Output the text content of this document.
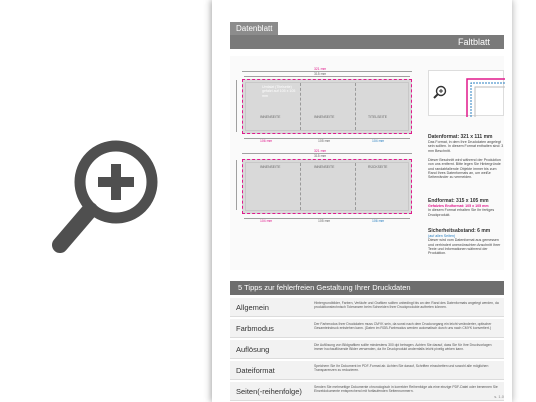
Datenblatt
Faltblatt
321 mm
315 mm
Umfalzt (Titelseite) gefalzt auf 105 x 105 mm
INNENSEITE	INNENSEITE	TITELSEITE
106 mm	105 mm	104 mm
321 mm
315 mm
INNENSEITE	INNENSEITE	RÜCKSEITE
104 mm	105 mm	106 mm
Datenformat: 321 x 111 mm
Das Format, in dem Ihre Druckdaten angelegt sein sollten. In diesem Format enthalten sind: 3 mm Beschnitt.
Dieser Beschnitt wird während der Produktion von uns entfernt. Bitte legen Sie Hintergründe und randabfallende Objekte immer bis zum Rand Ihres Datenformats an, um weiße Seitenränder zu vermeiden.
Endformat: 315 x 105 mm
Gefalztes Endformat: 105 x 105 mm
In diesem Format erhalten Sie Ihr fertiges Druckprodukt.
Sicherheitsabstand: 6 mm
(auf allen Seiten)
Dieser wird vom Datenformat aus gemessen und verhindert unerwünschten Anschnitt Ihrer Texte und Informationen während der Produktion.
5 Tipps zur fehlerfreien Gestaltung Ihrer Druckdaten
Allgemein	Hintergrundbilder, Farben, Verläufe und Grafiken sollten unbedingt bis an den Rand des Datenformats angelegt werden, da produktionstechnisch Toleranzen beim Schneiden Ihrer Druckprodukte auftreten können.
Farbmodus	Der Farbmodus Ihrer Druckdaten muss CMYK sein, da sonst nach dem Druckvorgang ein leicht veränderter, optischer Gesamteindruck entstehen kann. (Daten im RGB-Farbmodus werden automatisch durch uns nach CMYK konvertiert.)
Auflösung	Die Auflösung von Bildgrafiken sollte mindestens 300 dpi betragen. Achten Sie darauf, dass Sie für Ihre Druckvorlagen immer hochauflösende Bilder verwenden, da Ihr Druckprodukt andernfalls leicht pixelig wirken kann.
Dateiformat	Speichern Sie Ihr Dokument im PDF-Format ab. Achten Sie darauf, Schriften einzubetten und sowohl alle möglichen Transparenzen zu reduzieren.
Seiten(-reihenfolge)	Senden Sie mehrseitige Dokumente chronologisch in korrekter Reihenfolge als eine einzige PDF-Datei oder benennen Sie Einzeldokumente entsprechend mit fortlaufenden Seitennummern.
s. 1.0
